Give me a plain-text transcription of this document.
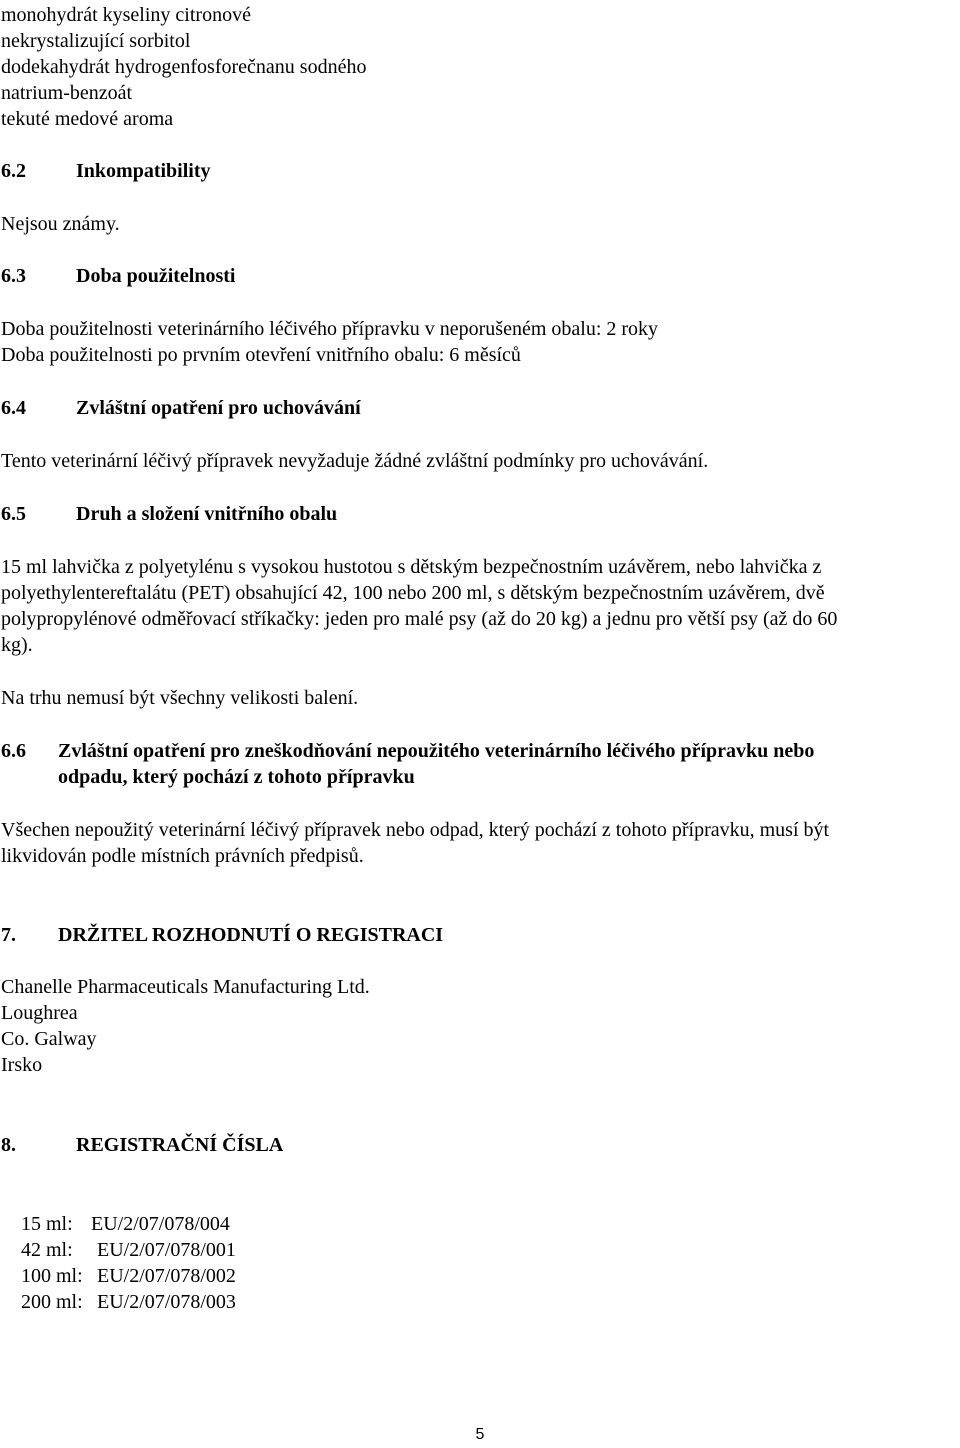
monohydrát kyseliny citronové
nekrystalizující sorbitol
dodekahydrát hydrogenfosforečnanu sodného
natrium-benzoát
tekuté medové aroma
6.2	Inkompatibility
Nejsou známy.
6.3	Doba použitelnosti
Doba použitelnosti veterinárního léčivého přípravku v neporušeném obalu: 2 roky
Doba použitelnosti po prvním otevření vnitřního obalu: 6 měsíců
6.4	Zvláštní opatření pro uchovávání
Tento veterinární léčivý přípravek nevyžaduje žádné zvláštní podmínky pro uchovávání.
6.5	Druh a složení vnitřního obalu
15 ml lahvička z polyetylénu s vysokou hustotou s dětským bezpečnostním uzávěrem, nebo lahvička z
polyethylentereftalátu (PET) obsahující 42, 100 nebo 200 ml, s dětským bezpečnostním uzávěrem, dvě
polypropylénové odměřovací stříkačky: jeden pro malé psy (až do 20 kg) a jednu pro větší psy (až do 60
kg).
Na trhu nemusí být všechny velikosti balení.
6.6 Zvláštní opatření pro zneškodňování nepoužitého veterinárního léčivého přípravku nebo
odpadu, který pochází z tohoto přípravku
Všechen nepoužitý veterinární léčivý přípravek nebo odpad, který pochází z tohoto přípravku, musí být
likvidován podle místních právních předpisů.
7. DRŽITEL ROZHODNUTÍ O REGISTRACI
Chanelle Pharmaceuticals Manufacturing Ltd.
Loughrea
Co. Galway
Irsko
8.	REGISTRAČNÍ ČÍSLA

15 ml: EU/2/07/078/004

42 ml: EU/2/07/078/001

100 ml: EU/2/07/078/002

200 ml: EU/2/07/078/003

5
